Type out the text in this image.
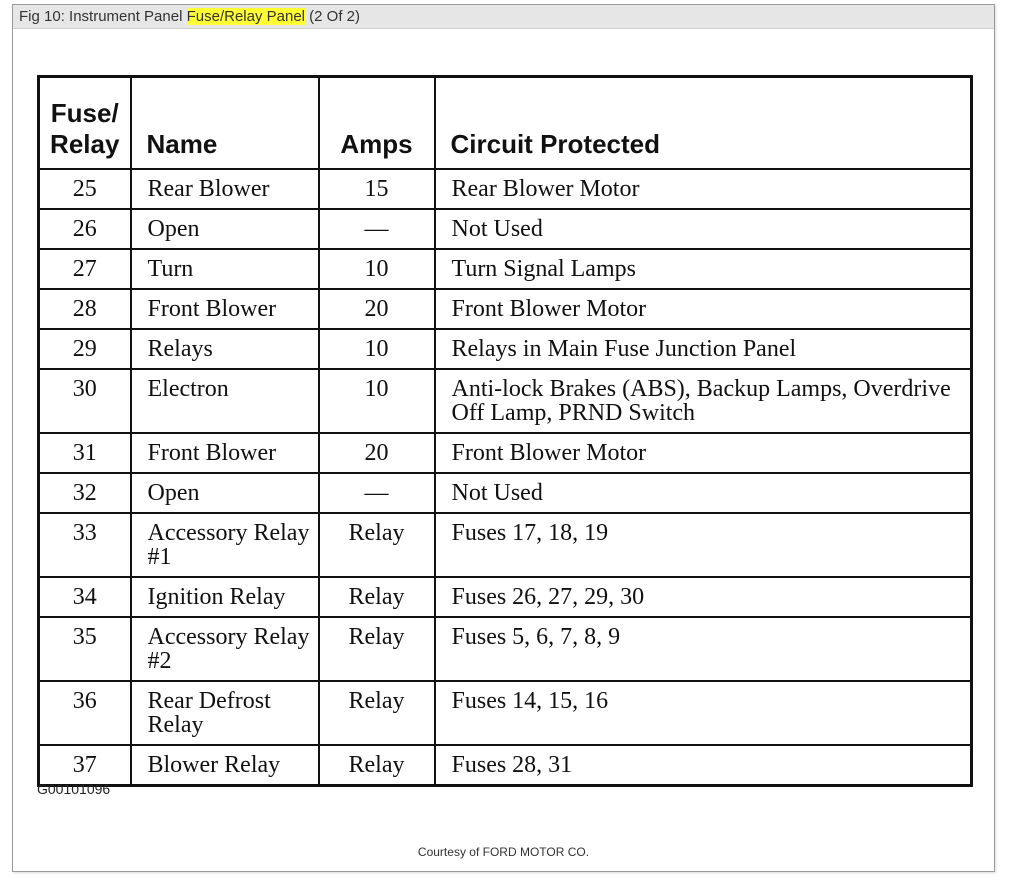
Fig 10: Instrument Panel Fuse/Relay Panel (2 Of 2)
Fuse/
Relay	Name	Amps	Circuit Protected
25	Rear Blower	15	Rear Blower Motor
26	Open	—	Not Used
27	Turn	10	Turn Signal Lamps
28	Front Blower	20	Front Blower Motor
29	Relays	10	Relays in Main Fuse Junction Panel
30	Electron	10	Anti-lock Brakes (ABS), Backup Lamps, Overdrive Off Lamp, PRND Switch
31	Front Blower	20	Front Blower Motor
32	Open	—	Not Used
33	Accessory Relay #1	Relay	Fuses 17, 18, 19
34	Ignition Relay	Relay	Fuses 26, 27, 29, 30
35	Accessory Relay #2	Relay	Fuses 5, 6, 7, 8, 9
36	Rear Defrost Relay	Relay	Fuses 14, 15, 16
37	Blower Relay	Relay	Fuses 28, 31
G00101096
Courtesy of FORD MOTOR CO.
